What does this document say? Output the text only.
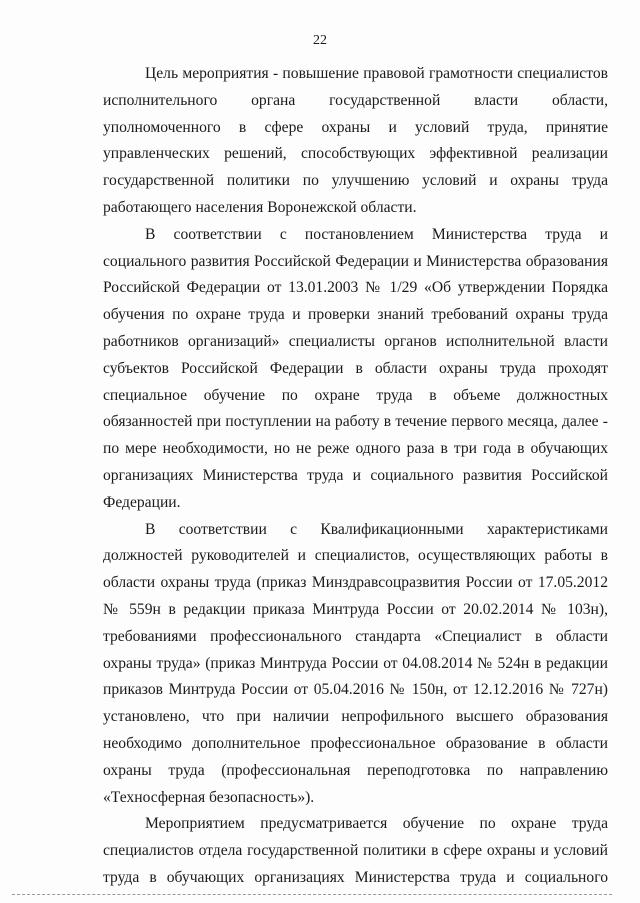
22

Цель мероприятия - повышение правовой грамотности специалистов исполнительного органа государственной власти области, уполномоченного в сфере охраны и условий труда, принятие управленческих решений, способствующих эффективной реализации государственной политики по улучшению условий и охраны труда работающего населения Воронежской области.

В соответствии с постановлением Министерства труда и социального развития Российской Федерации и Министерства образования Российской Федерации от 13.01.2003 № 1/29 «Об утверждении Порядка обучения по охране труда и проверки знаний требований охраны труда работников организаций» специалисты органов исполнительной власти субъектов Российской Федерации в области охраны труда проходят специальное обучение по охране труда в объеме должностных обязанностей при поступлении на работу в течение первого месяца, далее - по мере необходимости, но не реже одного раза в три года в обучающих организациях Министерства труда и социального развития Российской Федерации.

В соответствии с Квалификационными характеристиками должностей руководителей и специалистов, осуществляющих работы в области охраны труда (приказ Минздравсоцразвития России от 17.05.2012 № 559н в редакции приказа Минтруда России от 20.02.2014 № 103н), требованиями профессионального стандарта «Специалист в области охраны труда» (приказ Минтруда России от 04.08.2014 № 524н в редакции приказов Минтруда России от 05.04.2016 № 150н, от 12.12.2016 № 727н) установлено, что при наличии непрофильного высшего образования необходимо дополнительное профессиональное образование в области охраны труда (профессиональная переподготовка по направлению «Техносферная безопасность»).

Мероприятием предусматривается обучение по охране труда специалистов отдела государственной политики в сфере охраны и условий труда в обучающих организациях Министерства труда и социального
